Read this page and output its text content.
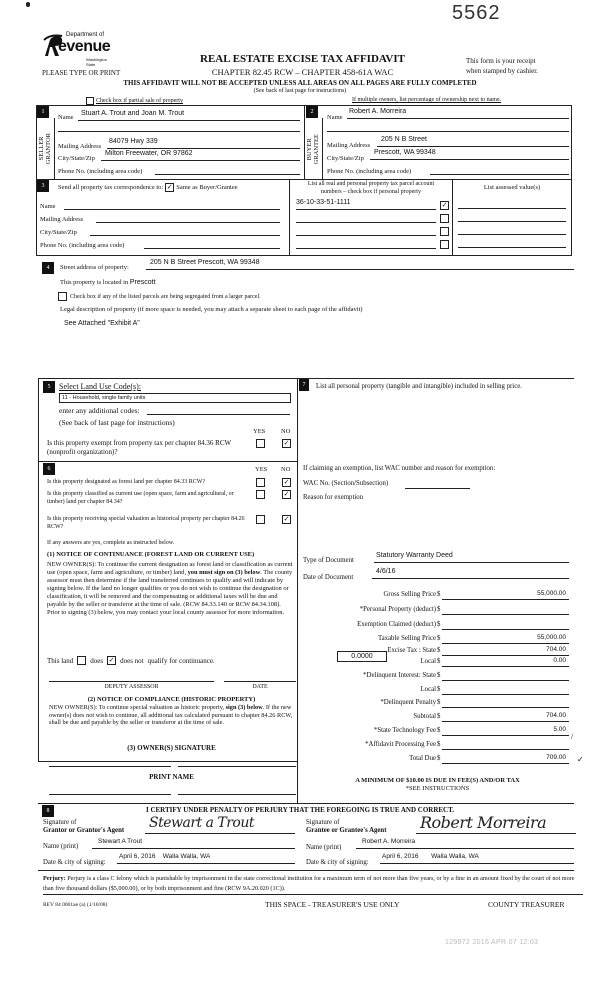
5562
Department of
evenue
Washington State
PLEASE TYPE OR PRINT
REAL ESTATE EXCISE TAX AFFIDAVIT
CHAPTER 82.45 RCW – CHAPTER 458-61A WAC
This form is your receipt
when stamped by cashier.
THIS AFFIDAVIT WILL NOT BE ACCEPTED UNLESS ALL AREAS ON ALL PAGES ARE FULLY COMPLETED
(See back of last page for instructions)
Check box if partial sale of property	If multiple owners, list percentage of ownership next to name.
1
SELLER
GRANTOR
Name
Stuart A. Trout and Joan M. Trout
Mailing Address
84079 Hwy 339
City/State/Zip
Milton Freewater, OR 97862
Phone No. (including area code)
2
BUYER
GRANTEE
Name
Robert A. Morreira
Mailing Address
205 N B Street
City/State/Zip
Prescott, WA 99348
Phone No. (including area code)
3	Send all property tax correspondence to: ✓ Same as Buyer/Grantee
Name
Mailing Address
City/State/Zip
Phone No. (including area code)
List all real and personal property tax parcel account
numbers – check box if personal property
List assessed value(s)
36-10-33-51-1111	✓
4	Street address of property:
205 N B Street Prescott, WA 99348
This property is located in Prescott
Check box if any of the listed parcels are being segregated from a larger parcel.
Legal description of property (if more space is needed, you may attach a separate sheet to each page of the affidavit)
See Attached "Exhibit A"
5	Select Land Use Code(s):
11 - Household, single family units
enter any additional codes:
(See back of last page for instructions)
YES NO
Is this property exempt from property tax per chapter 84.36 RCW (nonprofit organization)?
✓
6	YES NO
Is this property designated as forest land per chapter 84.33 RCW?	✓
Is this property classified as current use (open space, farm and agricultural, or timber) land per chapter 84.34?
✓
Is this property receiving special valuation as historical property per chapter 84.26 RCW?
✓
If any answers are yes, complete as instructed below.
(1) NOTICE OF CONTINUANCE (FOREST LAND OR CURRENT USE)
NEW OWNER(S): To continue the current designation as forest land or classification as current use (open space, farm and agriculture, or timber) land, you must sign on (3) below. The county assessor must then determine if the land transferred continues to qualify and will indicate by signing below. If the land no longer qualifies or you do not wish to continue the designation or classification, it will be removed and the compensating or additional taxes will be due and payable by the seller or transferor at the time of sale. (RCW 84.33.140 or RCW 84.34.108). Prior to signing (3) below, you may contact your local county assessor for more information.
This land does ✓ does not qualify for continuance.
DEPUTY ASSESSOR	DATE
(2) NOTICE OF COMPLIANCE (HISTORIC PROPERTY)
NEW OWNER(S): To continue special valuation as historic property, sign (3) below. If the new owner(s) does not wish to continue, all additional tax calculated pursuant to chapter 84.26 RCW, shall be due and payable by the seller or transferor at the time of sale.
(3) OWNER(S) SIGNATURE
PRINT NAME
7	List all personal property (tangible and intangible) included in selling price.
If claiming an exemption, list WAC number and reason for exemption:
WAC No. (Section/Subsection)
Reason for exemption
Type of Document
Statutory Warranty Deed
Date of Document
4/6/16
0.0000
Gross Selling Price $	55,000.00
*Personal Property (deduct) $
Exemption Claimed (deduct) $
Taxable Selling Price $	55,000.00
Excise Tax : State $	704.00
Local $	0.00
*Delinquent Interest: State $
Local $
*Delinquent Penalty $
Subtotal $	704.00
*State Technology Fee $	5.00
*Affidavit Processing Fee $
Total Due $	709.00	✓
/
A MINIMUM OF $10.00 IS DUE IN FEE(S) AND/OR TAX
*SEE INSTRUCTIONS
8	I CERTIFY UNDER PENALTY OF PERJURY THAT THE FOREGOING IS TRUE AND CORRECT.
Signature of
Grantor or Grantor's Agent Stewart a Trout
Name (print)
Stewart A Trout
Date & city of signing:
April 6, 2016    Walla Walla, WA
Signature of
Grantee or Grantee's Agent Robert Morreira
Name (print)
Robert A. Morreira
Date & city of signing:
April 6, 2016       Walla Walla, WA
Perjury: Perjury is a class C felony which is punishable by imprisonment in the state correctional institution for a maximum term of not more than five years, or by a fine in an amount fixed by the court of not more than five thousand dollars ($5,000.00), or by both imprisonment and fine (RCW 9A.20.020 (1C)).
REV 84 0001ae (a) (1/10/08)	THIS SPACE - TREASURER'S USE ONLY	COUNTY TREASURER
129972 2016 APR 07 12:03
